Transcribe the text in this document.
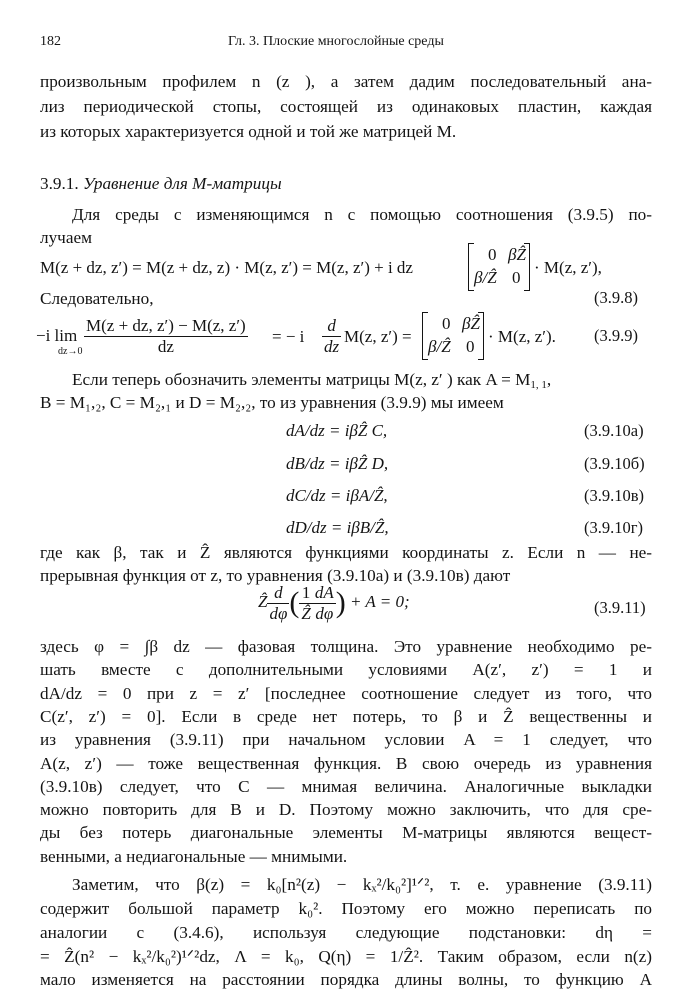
182	Гл. 3. Плоские многослойные среды
произвольным профилем n (z ), а затем дадим последовательный ана-
лиз периодической стопы, состоящей из одинаковых пластин, каждая
из которых характеризуется одной и той же матрицей M.
3.9.1. Уравнение для M-матрицы
Для среды с изменяющимся n с помощью соотношения (3.9.5) по-
лучаем
M(z + dz, z′) = M(z + dz, z) · M(z, z′) = M(z, z′) + i dz
0 βẐ
β/Ẑ 0
· M(z, z′),
Следовательно,	(3.9.8)
−i lim
$dz\to 0 \frac{M(z + dz, z') - M(z, z')}{dz}$ = − i $\frac{d}{dz} M(z$, z′) =
0 βẐ
β/Ẑ 0
· M(z, z′). (3.9.9)
Если теперь обозначить элементы матрицы M(z, z′ ) как $A = M_{1, 1}$,
B = M₁,₂, C = M₂,₁ и D = M₂,₂, то из уравнения (3.9.9) мы имеем
dA/dz = iβẐ C,	(3.9.10а)
dB/dz = iβẐ D,	(3.9.10б)
dC/dz = iβA/Ẑ,	(3.9.10в)
dD/dz = iβB/Ẑ,	(3.9.10г)
где как β, так и Ẑ являются функциями координаты z. Если n — не-
прерывная функция от z, то уравнения (3.9.10а) и (3.9.10в) дают
Ẑ $\frac{d}{d\varphi}$ ( $\frac{1}{\text{Ẑ}} \frac{dA}{d\varphi}$ ) + A = 0;	(3.9.11)
здесь φ = ∫β dz — фазовая толщина. Это уравнение необходимо ре-
шать вместе с дополнительными условиями A(z′, z′) = 1 и
dA/dz = 0 при z = z′ [последнее соотношение следует из того, что
C(z′, z′) = 0]. Если в среде нет потерь, то β и Ẑ вещественны и
из уравнения (3.9.11) при начальном условии A = 1 следует, что
A(z, z′) — тоже вещественная функция. В свою очередь из уравнения
(3.9.10в) следует, что C — мнимая величина. Аналогичные выкладки
можно повторить для B и D. Поэтому можно заключить, что для сре-
ды без потерь диагональные элементы M-матрицы являются вещест-
венными, а недиагональные — мнимыми.
Заметим, что β(z) = k₀[n²(z) − kₓ²/k₀²]¹ᐟ², т. е. уравнение (3.9.11)
содержит большой параметр k₀². Поэтому его можно переписать по
аналогии с (3.4.6), используя следующие подстановки: dη =
= Ẑ(n² − kₓ²/k₀²)¹ᐟ²dz, Λ = k₀, Q(η) = 1/Ẑ². Таким образом, если n(z)
мало изменяется на расстоянии порядка длины волны, то функцию A
